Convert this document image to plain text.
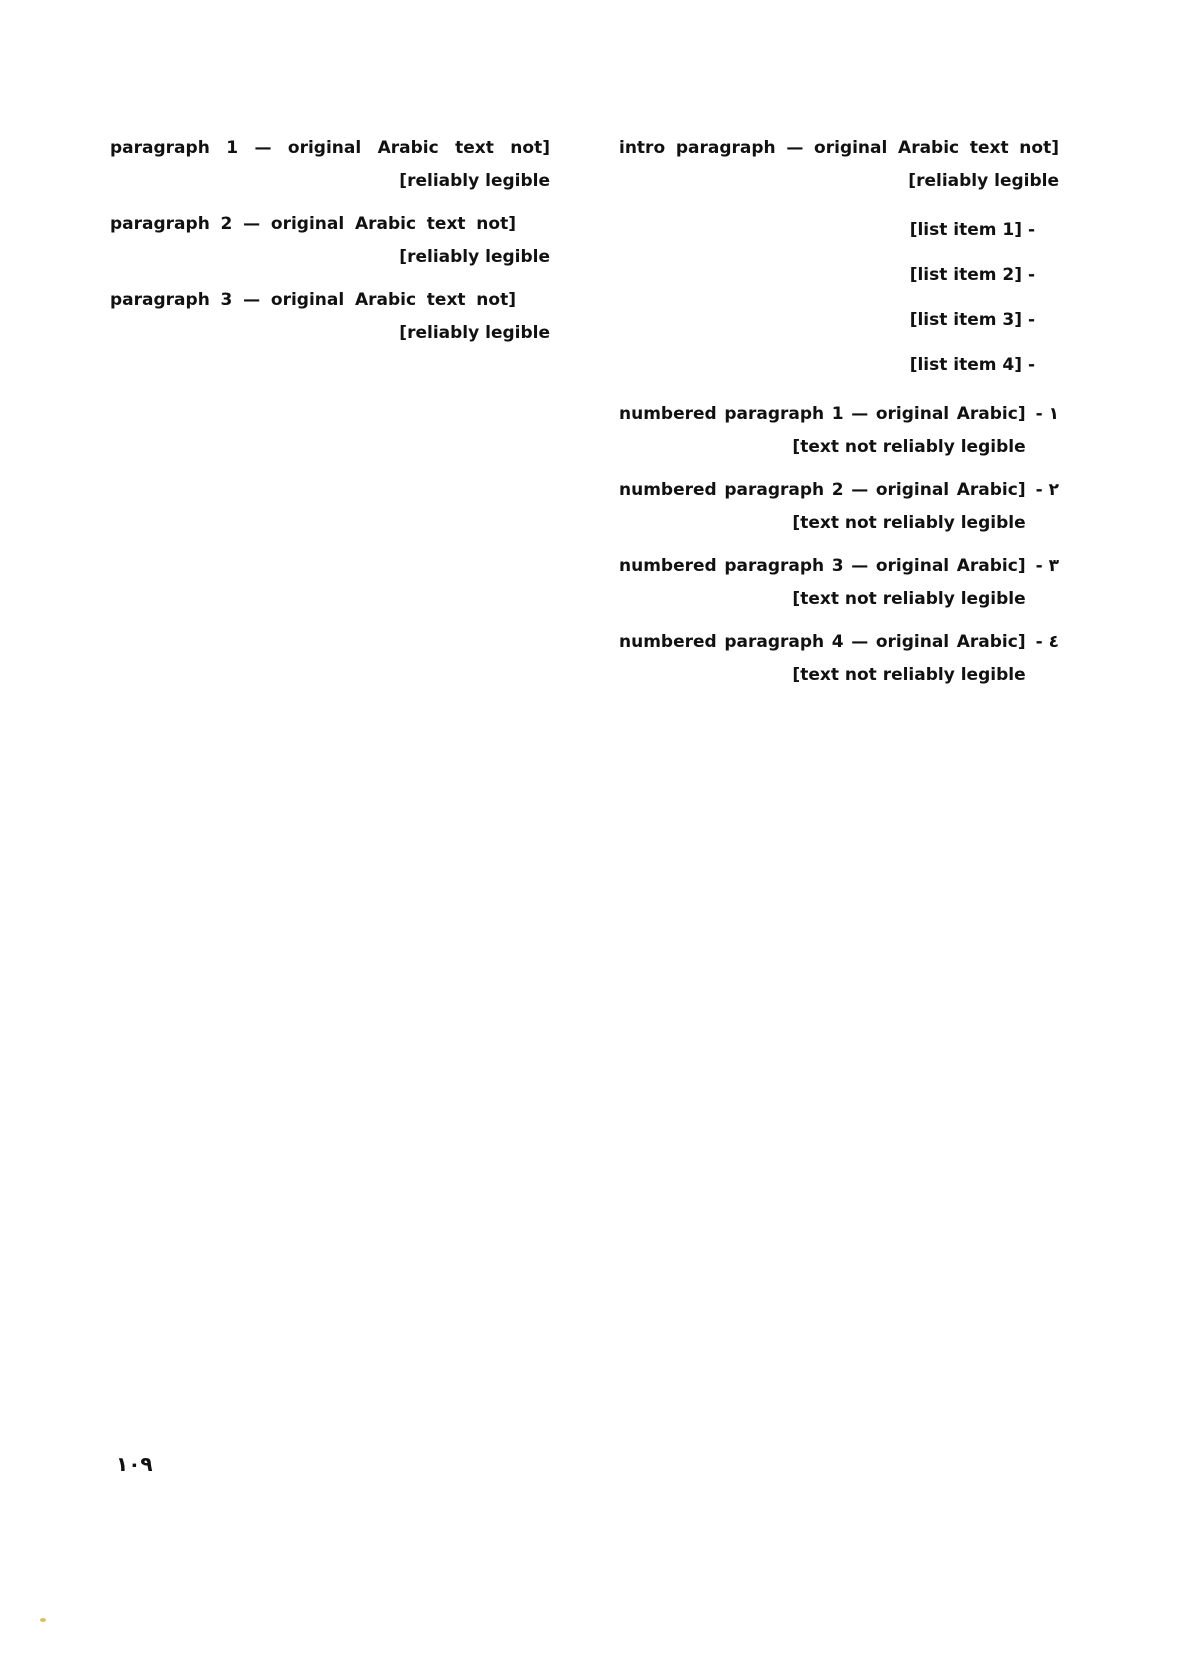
[intro paragraph — original Arabic text not reliably legible]

- [list item 1]
- [list item 2]
- [list item 3]
- [list item 4]
١ -
[numbered paragraph 1 — original Arabic text not reliably legible]
٢ -
[numbered paragraph 2 — original Arabic text not reliably legible]
٣ -
[numbered paragraph 3 — original Arabic text not reliably legible]
٤ -
[numbered paragraph 4 — original Arabic text not reliably legible]

[paragraph 1 — original Arabic text not reliably legible]

[paragraph 2 — original Arabic text not reliably legible]

[paragraph 3 — original Arabic text not reliably legible]

١٠٩
